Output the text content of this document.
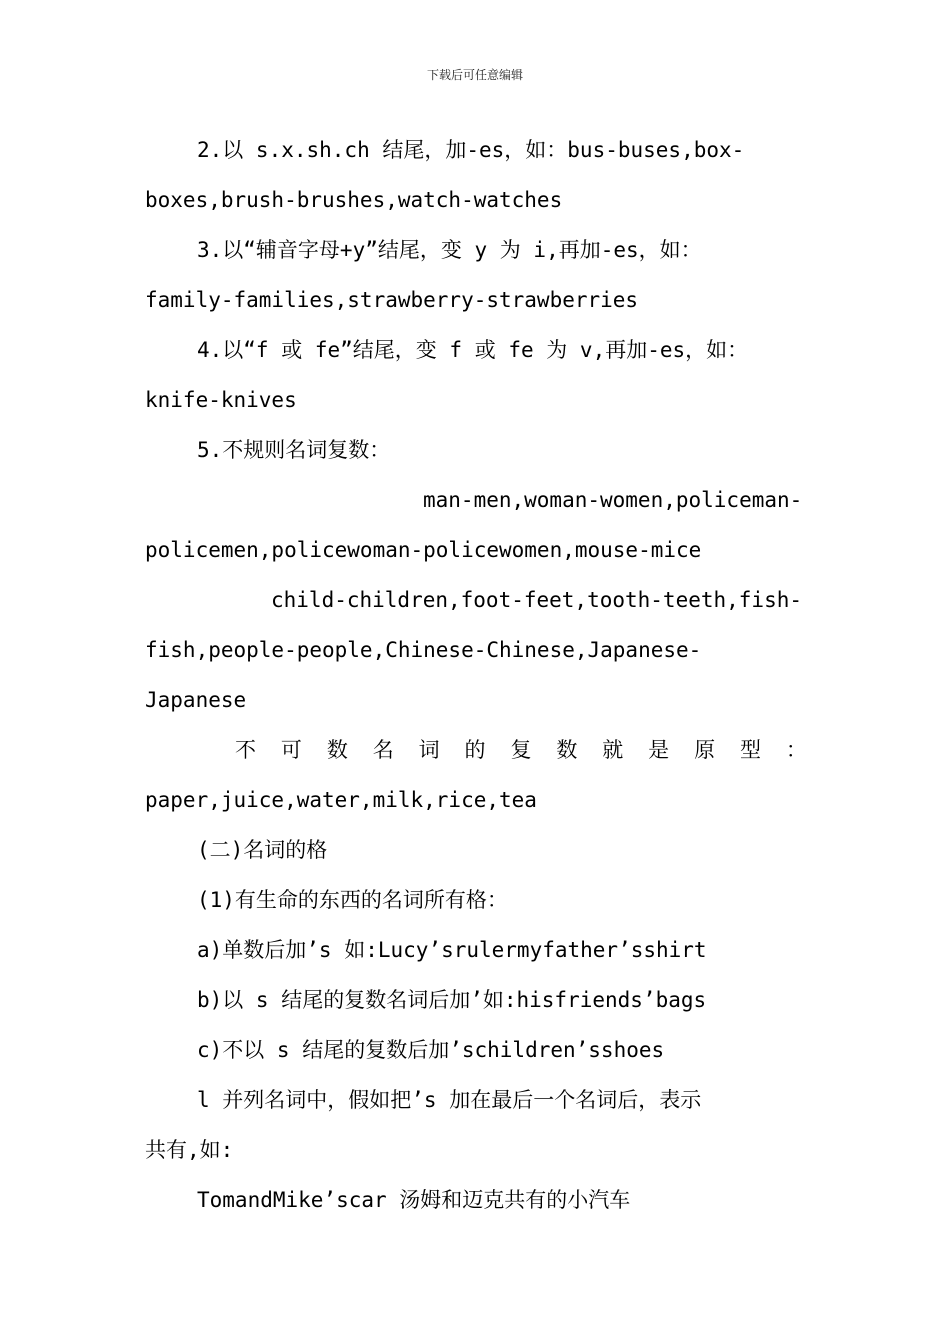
下载后可任意编辑
2.以 s.x.sh.ch 结尾，加-es，如：bus-buses,box-
boxes,brush-brushes,watch-watches
3.以“辅音字母+y”结尾，变 y 为 i,再加-es，如：
family-families,strawberry-strawberries
4.以“f 或 fe”结尾，变 f 或 fe 为 v,再加-es，如：
knife-knives
5.不规则名词复数：
man-men,woman-women,policeman-
policemen,policewoman-policewomen,mouse-mice
child-children,foot-feet,tooth-teeth,fish-
fish,people-people,Chinese-Chinese,Japanese-
Japanese
不 可 数 名 词 的 复 数 就 是 原 型 ：
paper,juice,water,milk,rice,tea
(二)名词的格
(1)有生命的东西的名词所有格：
a)单数后加’s 如:Lucy’srulermyfather’sshirt
b)以 s 结尾的复数名词后加’如:hisfriends’bags
c)不以 s 结尾的复数后加’schildren’sshoes
l 并列名词中，假如把’s 加在最后一个名词后，表示
共有,如:
TomandMike’scar 汤姆和迈克共有的小汽车
